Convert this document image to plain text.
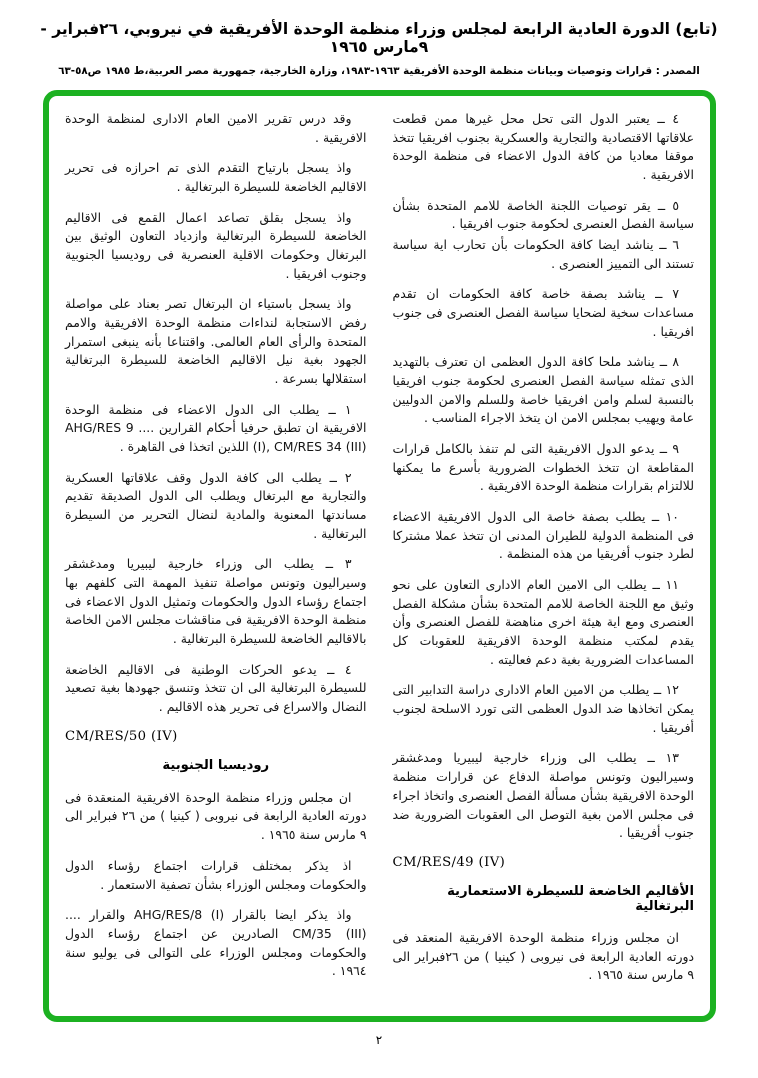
(تابع) الدورة العادية الرابعة لمجلس وزراء منظمة الوحدة الأفريقية في نيروبي، ٢٦فبراير - ٩مارس ١٩٦٥
المصدر : قرارات وتوصيات وبيانات منظمة الوحدة الأفريقية ١٩٦٣-١٩٨٣، وزارة الخارجية، جمهورية مصر العربية،ط ١٩٨٥ ص٥٨-٦٣

٤ ــ يعتبر الدول التى تحل محل غيرها ممن قطعت علاقاتها الاقتصادية والتجارية والعسكرية بجنوب افريقيا تتخذ موقفا معاديا من كافة الدول الاعضاء فى منظمة الوحدة الافريقية .

٥ ــ يقر توصيات اللجنة الخاصة للامم المتحدة بشأن سياسة الفصل العنصرى لحكومة جنوب افريقيا .

٦ ــ يناشد ايضا كافة الحكومات بأن تحارب اية سياسة تستند الى التمييز العنصرى .

٧ ــ يناشد بصفة خاصة كافة الحكومات ان تقدم مساعدات سخية لضحايا سياسة الفصل العنصرى فى جنوب افريقيا .

٨ ــ يناشد ملحا كافة الدول العظمى ان تعترف بالتهديد الذى تمثله سياسة الفصل العنصرى لحكومة جنوب افريقيا بالنسبة لسلم وامن افريقيا خاصة وللسلم والامن الدوليين عامة ويهيب بمجلس الامن ان يتخذ الاجراء المناسب .

٩ ــ يدعو الدول الافريقية التى لم تنفذ بالكامل قرارات المقاطعة ان تتخذ الخطوات الضرورية بأسرع ما يمكنها للالتزام بقرارات منظمة الوحدة الافريقية .

١٠ ــ يطلب بصفة خاصة الى الدول الافريقية الاعضاء فى المنظمة الدولية للطيران المدنى ان تتخذ عملا مشتركا لطرد جنوب أفريقيا من هذه المنظمة .

١١ ــ يطلب الى الامين العام الادارى التعاون على نحو وثيق مع اللجنة الخاصة للامم المتحدة بشأن مشكلة الفصل العنصرى ومع اية هيئة اخرى مناهضة للفصل العنصرى وأن يقدم لمكتب منظمة الوحدة الافريقية للعقوبات كل المساعدات الضرورية بغية دعم فعاليته .

١٢ ــ يطلب من الامين العام الادارى دراسة التدابير التى يمكن اتخاذها ضد الدول العظمى التى تورد الاسلحة لجنوب أفريقيا .

١٣ ــ يطلب الى وزراء خارجية ليبيريا ومدغشقر وسيراليون وتونس مواصلة الدفاع عن قرارات منظمة الوحدة الافريقية بشأن مسألة الفصل العنصرى واتخاذ اجراء فى مجلس الامن بغية التوصل الى العقوبات الضرورية ضد جنوب أفريقيا .

CM/RES/49 (IV)
الأقاليم الخاضعة للسيطرة الاستعمارية البرتغالية

ان مجلس وزراء منظمة الوحدة الافريقية المنعقد فى دورته العادية الرابعة فى نيروبى ( كينيا ) من ٢٦فبراير الى ٩ مارس سنة ١٩٦٥ .

وقد درس تقرير الامين العام الادارى لمنظمة الوحدة الافريقية .

واذ يسجل بارتياح التقدم الذى تم احرازه فى تحرير الاقاليم الخاضعة للسيطرة البرتغالية .

واذ يسجل بقلق تصاعد اعمال القمع فى الاقاليم الخاضعة للسيطرة البرتغالية وازدياد التعاون الوثيق بين البرتغال وحكومات الاقلية العنصرية فى روديسيا الجنوبية وجنوب افريقيا .

واذ يسجل باستياء ان البرتغال تصر بعناد على مواصلة رفض الاستجابة لنداءات منظمة الوحدة الافريقية والامم المتحدة والرأى العام العالمى. واقتناعا بأنه ينبغى استمرار الجهود بغية نيل الاقاليم الخاضعة للسيطرة البرتغالية استقلالها بسرعة .

١ ــ يطلب الى الدول الاعضاء فى منظمة الوحدة الافريقية ان تطبق حرفيا أحكام القرارين .... AHG/RES 9 (I), CM/RES 34 (III) اللذين اتخذا فى القاهرة .

٢ ــ يطلب الى كافة الدول وقف علاقاتها العسكرية والتجارية مع البرتغال ويطلب الى الدول الصديقة تقديم مساندتها المعنوية والمادية لنضال التحرير من السيطرة البرتغالية .

٣ ــ يطلب الى وزراء خارجية ليبيريا ومدغشقر وسيراليون وتونس مواصلة تنفيذ المهمة التى كلفهم بها اجتماع رؤساء الدول والحكومات وتمثيل الدول الاعضاء فى منظمة الوحدة الافريقية فى مناقشات مجلس الامن الخاصة بالاقاليم الخاضعة للسيطرة البرتغالية .

٤ ــ يدعو الحركات الوطنية فى الاقاليم الخاضعة للسيطرة البرتغالية الى ان تتخذ وتنسق جهودها بغية تصعيد النضال والاسراع فى تحرير هذه الاقاليم .

CM/RES/50 (IV)
روديسيا الجنوبية

ان مجلس وزراء منظمة الوحدة الافريقية المنعقدة فى دورته العادية الرابعة فى نيروبى ( كينيا ) من ٢٦ فبراير الى ٩ مارس سنة ١٩٦٥ .

اذ يذكر بمختلف قرارات اجتماع رؤساء الدول والحكومات ومجلس الوزراء بشأن تصفية الاستعمار .

واذ يذكر ايضا بالقرار AHG/RES/8 (I) والقرار .... CM/35 (III) الصادرين عن اجتماع رؤساء الدول والحكومات ومجلس الوزراء على التوالى فى يوليو سنة ١٩٦٤ .

٢
